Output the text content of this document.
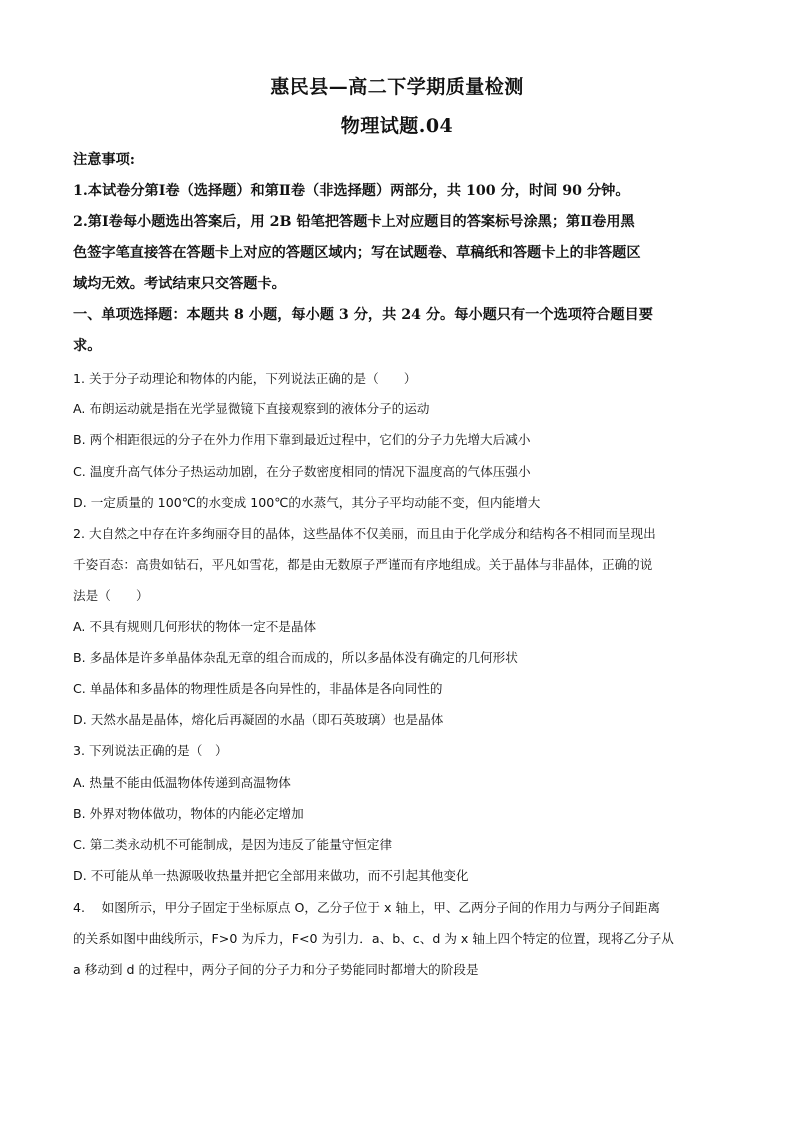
惠民县—高二下学期质量检测
物理试题.04
注意事项:
1.本试卷分第Ⅰ卷（选择题）和第Ⅱ卷（非选择题）两部分，共 100 分，时间 90 分钟。
2.第Ⅰ卷每小题选出答案后，用 2B 铅笔把答题卡上对应题目的答案标号涂黑；第Ⅱ卷用黑
色签字笔直接答在答题卡上对应的答题区域内；写在试题卷、草稿纸和答题卡上的非答题区
域均无效。考试结束只交答题卡。
一、单项选择题：本题共 8 小题，每小题 3 分，共 24 分。每小题只有一个选项符合题目要
求。
1. 关于分子动理论和物体的内能，下列说法正确的是（　　）
A. 布朗运动就是指在光学显微镜下直接观察到的液体分子的运动
B. 两个相距很远的分子在外力作用下靠到最近过程中，它们的分子力先增大后减小
C. 温度升高气体分子热运动加剧，在分子数密度相同的情况下温度高的气体压强小
D. 一定质量的 100℃的水变成 100℃的水蒸气，其分子平均动能不变，但内能增大
2. 大自然之中存在许多绚丽夺目的晶体，这些晶体不仅美丽，而且由于化学成分和结构各不相同而呈现出
千姿百态：高贵如钻石，平凡如雪花，都是由无数原子严谨而有序地组成。关于晶体与非晶体，正确的说
法是（　　）
A. 不具有规则几何形状的物体一定不是晶体
B. 多晶体是许多单晶体杂乱无章的组合而成的，所以多晶体没有确定的几何形状
C. 单晶体和多晶体的物理性质是各向异性的，非晶体是各向同性的
D. 天然水晶是晶体，熔化后再凝固的水晶（即石英玻璃）也是晶体
3. 下列说法正确的是（　）
A. 热量不能由低温物体传递到高温物体
B. 外界对物体做功，物体的内能必定增加
C. 第二类永动机不可能制成，是因为违反了能量守恒定律
D. 不可能从单一热源吸收热量并把它全部用来做功，而不引起其他变化
4.　 如图所示，甲分子固定于坐标原点 O，乙分子位于 x 轴上，甲、乙两分子间的作用力与两分子间距离
的关系如图中曲线所示，F>0 为斥力，F<0 为引力．a、b、c、d 为 x 轴上四个特定的位置，现将乙分子从
a 移动到 d 的过程中，两分子间的分子力和分子势能同时都增大的阶段是
